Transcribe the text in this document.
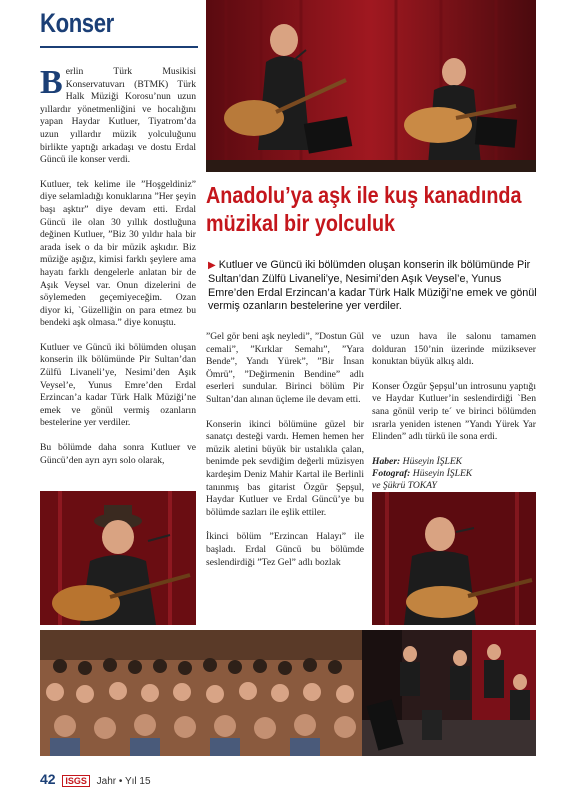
Konser
Anadolu’ya aşk ile kuş kanadında
müzikal bir yolculuk
▶ Kutluer ve Güncü iki bölümden oluşan konserin ilk bölümünde Pir Sultan’dan Zülfü Livaneli’ye, Nesimi’den Aşık Veysel’e, Yunus Emre’den Erdal Erzincan’a kadar Türk Halk Müziği’ne emek ve gönül vermiş ozanların bestelerine yer verdiler.

Berlin Türk Musikisi Konservatuvarı (BTMK) Türk Halk Müziği Korosu’nun uzun yıllardır yönetmenliğini ve hocalığını yapan Haydar Kutluer, Tiyatrom’da uzun yıllardır müzik yolculuğunu birlikte yaptığı arkadaşı ve dostu Erdal Güncü ile konser verdi.

Kutluer, tek kelime ile ”Hoşgeldiniz” diye selamladığı konuklarına ”Her şeyin başı aşktır” diye devam etti. Erdal Güncü ile olan 30 yıllık dostluğuna değinen Kutluer, ”Biz 30 yıldır hala bir arada isek o da bir müzik aşkıdır. Biz müziğe aşığız, kimisi farklı şeylere ama hayatı farklı dengelerle anlatan bir de Aşık Veysel var. Onun dizelerini de söylemeden geçemiyeceğim. Ozan diyor ki, `Güzelliğin on para etmez bu bendeki aşk olmasa.” diye konuştu.

Kutluer ve Güncü iki bölümden oluşan konserin ilk bölümünde Pir Sultan’dan Zülfü Livaneli’ye, Nesimi’den Aşık Veysel’e, Yunus Emre’den Erdal Erzincan’a kadar Türk Halk Müziği’ne emek ve gönül vermiş ozanların bestelerine yer verdiler.

Bu bölümde daha sonra Kutluer ve Güncü’den ayrı ayrı solo olarak,

”Gel gör beni aşk neyledi”, ”Dostun Gül cemali”, ”Kırklar Semahı”, ”Yara Bende”, Yandı Yürek”, ”Bir İnsan Ömrü”, ”Değirmenin Bendine” adlı eserleri sundular. Birinci bölüm Pir Sultan’dan alınan üçleme ile devam etti.

Konserin ikinci bölümüne güzel bir sanatçı desteği vardı. Hemen hemen her müzik aletini büyük bir ustalıkla çalan, benimde pek sevdiğim değerli müzisyen kardeşim Deniz Mahir Kartal ile Berlinli tanınmış bas gitarist Özgür Şepşul, Haydar Kutluer ve Erdal Güncü’ye bu bölümde sazları ile eşlik ettiler.

İkinci bölüm ”Erzincan Halayı” ile başladı. Erdal Güncü bu bölümde seslendirdiği ”Tez Gel” adlı bozlak

ve uzun hava ile salonu tamamen dolduran 150’nin üzerinde müziksever konuktan büyük alkış aldı.

Konser Özgür Şepşul’un introsunu yaptığı ve Haydar Kutluer’in seslendirdiği `Ben sana gönül verip te´ ve birinci bölümden ısrarla yeniden istenen ”Yandı Yürek Yar Elinden” adlı türkü ile sona erdi.

Haber: Hüseyin İŞLEK
Fotograf: Hüseyin İŞLEK
ve Şükrü TOKAY
42 ISGS Jahr • Yıl 15
